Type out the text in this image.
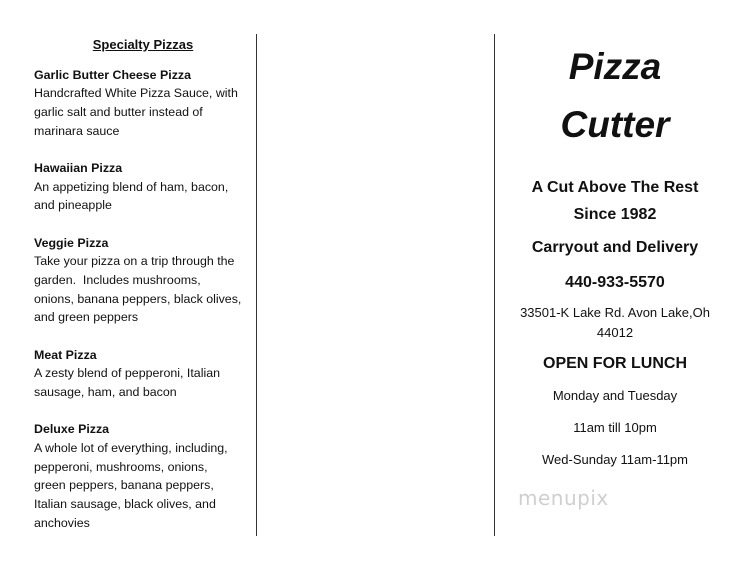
Specialty Pizzas
Garlic Butter Cheese Pizza
Handcrafted White Pizza Sauce, with
garlic salt and butter instead of
marinara sauce
Hawaiian Pizza
An appetizing blend of ham, bacon,
and pineapple
Veggie Pizza
Take your pizza on a trip through the
garden.  Includes mushrooms,
onions, banana peppers, black olives,
and green peppers
Meat Pizza
A zesty blend of pepperoni, Italian
sausage, ham, and bacon
Deluxe Pizza
A whole lot of everything, including,
pepperoni, mushrooms, onions,
green peppers, banana peppers,
Italian sausage, black olives, and
anchovies
Pizza
Cutter
A Cut Above The Rest
Since 1982
Carryout and Delivery
440-933-5570
33501-K Lake Rd. Avon Lake,Oh
44012
OPEN FOR LUNCH
Monday and Tuesday
11am till 10pm
Wed-Sunday 11am-11pm
menupix
